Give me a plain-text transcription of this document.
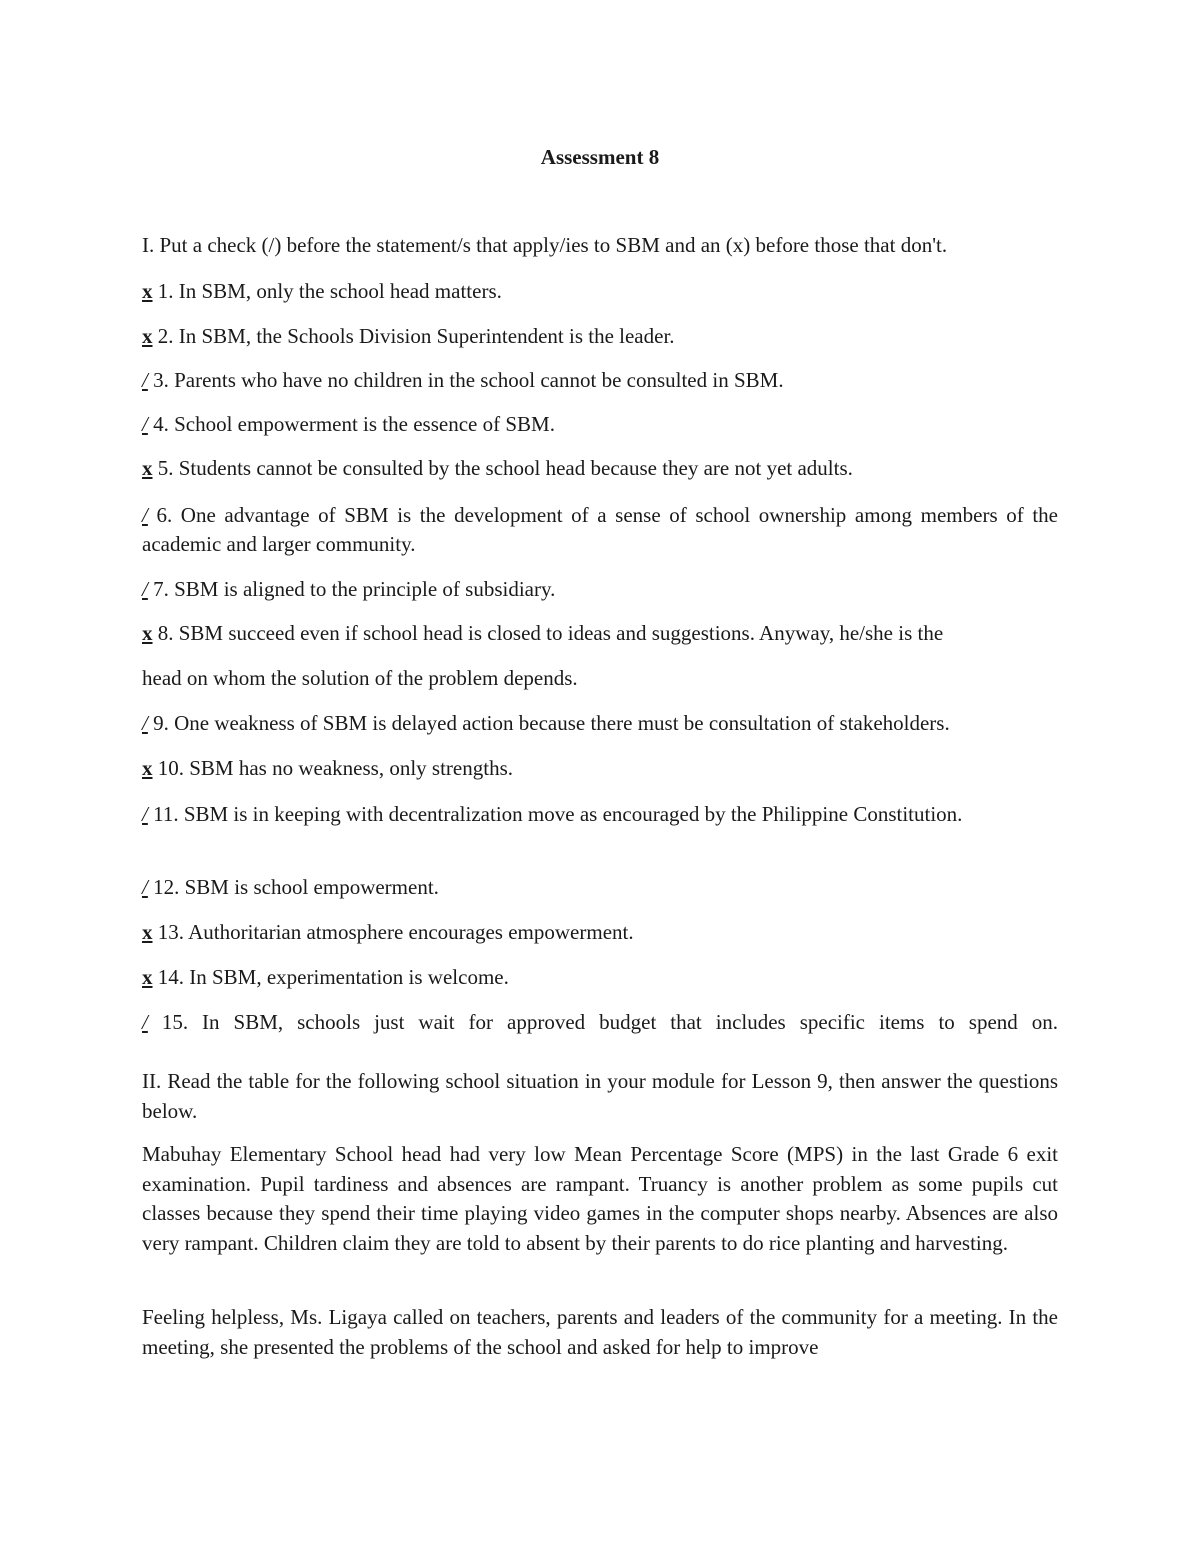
Assessment 8
I. Put a check (/) before the statement/s that apply/ies to SBM and an (x) before those that don't.
x 1. In SBM, only the school head matters.
x 2. In SBM, the Schools Division Superintendent is the leader.
/ 3. Parents who have no children in the school cannot be consulted in SBM.
/ 4. School empowerment is the essence of SBM.
x 5. Students cannot be consulted by the school head because they are not yet adults.
/ 6. One advantage of SBM is the development of a sense of school ownership among members of the academic and larger community.
/ 7. SBM is aligned to the principle of subsidiary.
x 8. SBM succeed even if school head is closed to ideas and suggestions. Anyway, he/she is the
head on whom the solution of the problem depends.
/ 9. One weakness of SBM is delayed action because there must be consultation of stakeholders.
x 10. SBM has no weakness, only strengths.
/ 11. SBM is in keeping with decentralization move as encouraged by the Philippine Constitution.
/ 12. SBM is school empowerment.
x 13. Authoritarian atmosphere encourages empowerment.
x 14. In SBM, experimentation is welcome.
/ 15. In SBM, schools just wait for approved budget that includes specific items to spend on.
II. Read the table for the following school situation in your module for Lesson 9, then answer the questions below.
Mabuhay Elementary School head had very low Mean Percentage Score (MPS) in the last Grade 6 exit examination. Pupil tardiness and absences are rampant. Truancy is another problem as some pupils cut classes because they spend their time playing video games in the computer shops nearby. Absences are also very rampant. Children claim they are told to absent by their parents to do rice planting and harvesting.
Feeling helpless, Ms. Ligaya called on teachers, parents and leaders of the community for a meeting. In the meeting, she presented the problems of the school and asked for help to improve
